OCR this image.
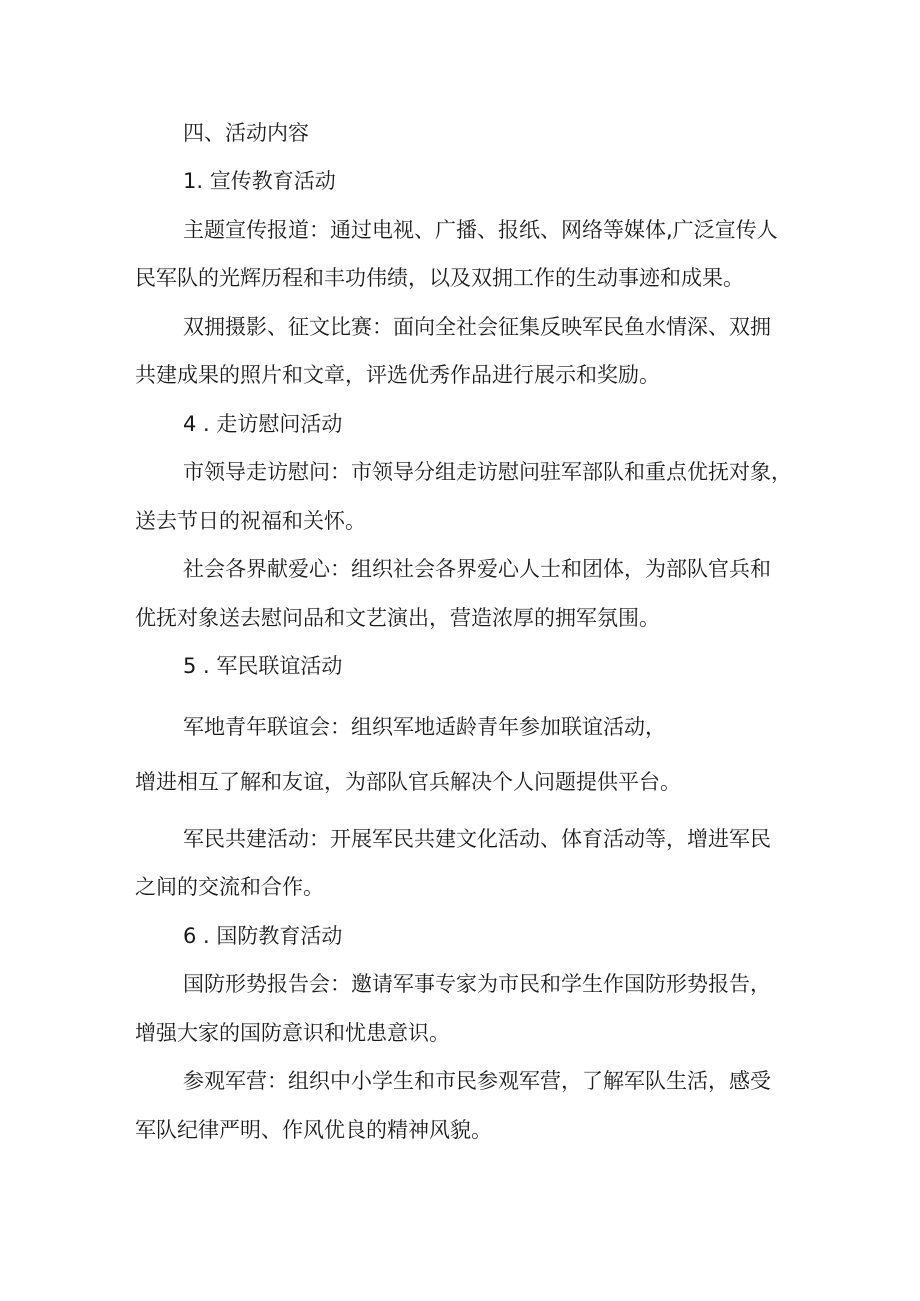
四、活动内容
1. 宣传教育活动
主题宣传报道：通过电视、广播、报纸、网络等媒体,广泛宣传人
民军队的光辉历程和丰功伟绩，以及双拥工作的生动事迹和成果。
双拥摄影、征文比赛：面向全社会征集反映军民鱼水情深、双拥
共建成果的照片和文章，评选优秀作品进行展示和奖励。
4 . 走访慰问活动
市领导走访慰问：市领导分组走访慰问驻军部队和重点优抚对象，
送去节日的祝福和关怀。
社会各界献爱心：组织社会各界爱心人士和团体，为部队官兵和
优抚对象送去慰问品和文艺演出，营造浓厚的拥军氛围。
5 . 军民联谊活动
军地青年联谊会：组织军地适龄青年参加联谊活动，
增进相互了解和友谊，为部队官兵解决个人问题提供平台。
军民共建活动：开展军民共建文化活动、体育活动等，增进军民
之间的交流和合作。
6 . 国防教育活动
国防形势报告会：邀请军事专家为市民和学生作国防形势报告，
增强大家的国防意识和忧患意识。
参观军营：组织中小学生和市民参观军营，了解军队生活，感受
军队纪律严明、作风优良的精神风貌。
